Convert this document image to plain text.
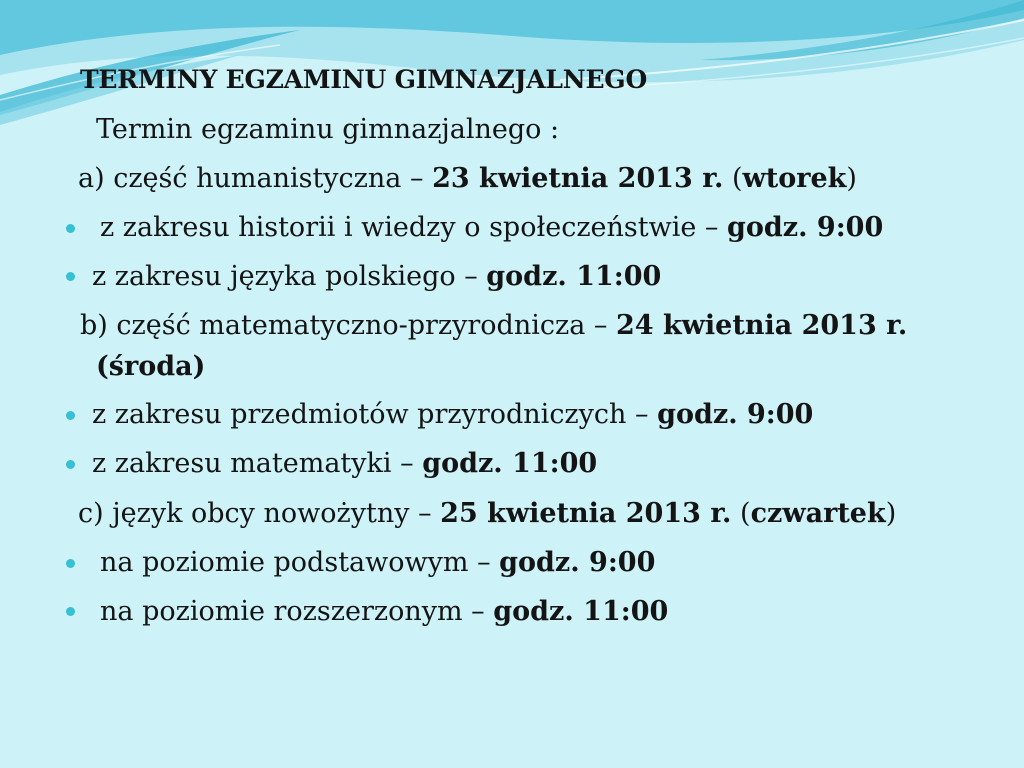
TERMINY EGZAMINU GIMNAZJALNEGO
Termin egzaminu gimnazjalnego :
a) część humanistyczna – 23 kwietnia 2013 r. (wtorek)
z zakresu historii i wiedzy o społeczeństwie – godz. 9:00
z zakresu języka polskiego – godz. 11:00
b) część matematyczno-przyrodnicza – 24 kwietnia 2013 r.
(środa)
z zakresu przedmiotów przyrodniczych – godz. 9:00
z zakresu matematyki – godz. 11:00
c) język obcy nowożytny – 25 kwietnia 2013 r. (czwartek)
na poziomie podstawowym – godz. 9:00
na poziomie rozszerzonym – godz. 11:00
